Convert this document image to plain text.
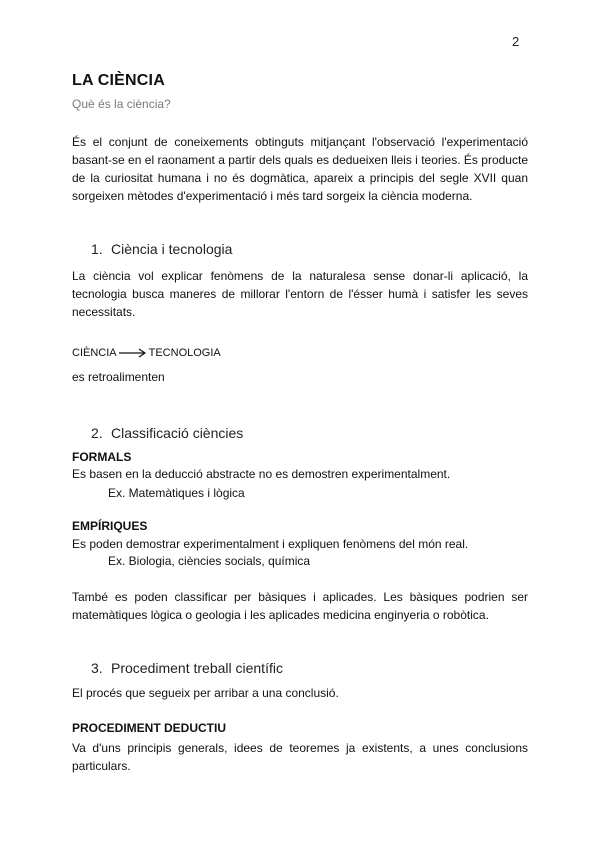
2
LA CIÈNCIA
Què és la ciència?
És el conjunt de coneixements obtinguts mitjançant l'observació l'experimentació basant-se en el raonament a partir dels quals es dedueixen lleis i teories. És producte de la curiositat humana i no és dogmàtica, apareix a principis del segle XVII quan sorgeixen mètodes d'experimentació i més tard sorgeix la ciència moderna.
1. Ciència i tecnologia
La ciència vol explicar fenòmens de la naturalesa sense donar-li aplicació, la tecnologia busca maneres de millorar l'entorn de l'ésser humà i satisfer les seves necessitats.
CIÈNCIA	TECNOLOGIA
es retroalimenten
2. Classificació ciències
FORMALS
Es basen en la deducció abstracte no es demostren experimentalment.
Ex. Matemàtiques i lògica
EMPÍRIQUES
Es poden demostrar experimentalment i expliquen fenòmens del món real.
Ex. Biologia, ciències socials, química
També es poden classificar per bàsiques i aplicades. Les bàsiques podrien ser matemàtiques lògica o geologia i les aplicades medicina enginyeria o robòtica.
3. Procediment treball científic
El procés que segueix per arribar a una conclusió.
PROCEDIMENT DEDUCTIU
Va d'uns principis generals, idees de teoremes ja existents, a unes conclusions particulars.
